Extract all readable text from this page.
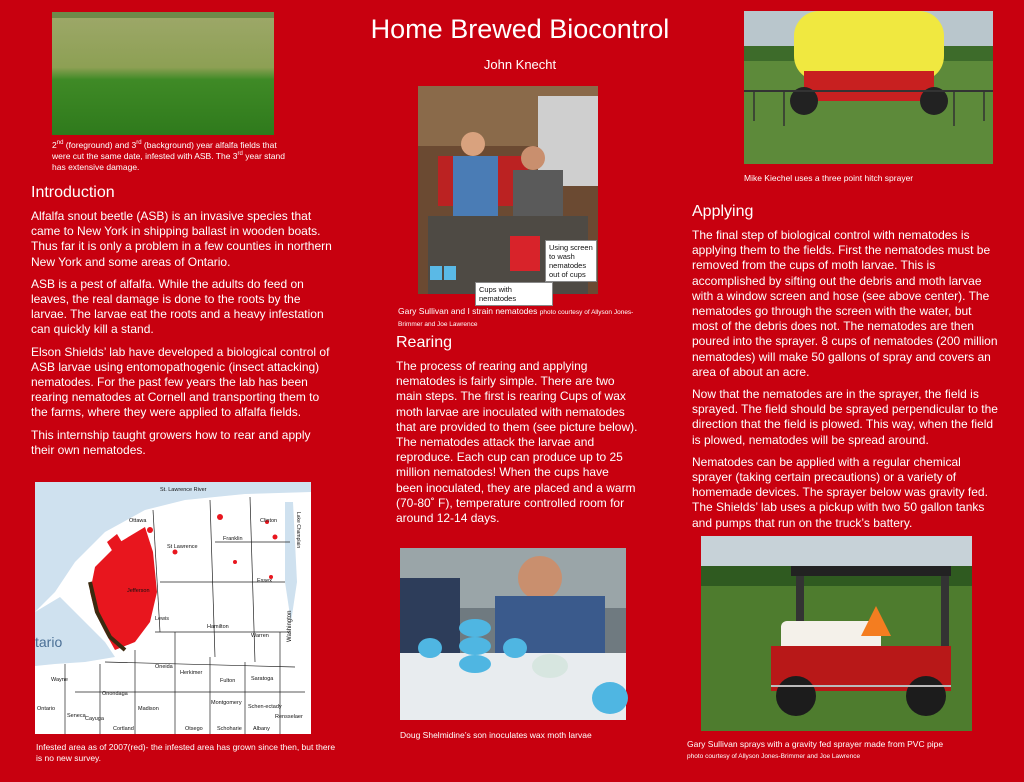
Home Brewed Biocontrol
John Knecht
2nd (foreground) and 3rd (background) year alfalfa fields that were cut the same date, infested with ASB. The 3rd year stand has extensive damage.
Introduction

Alfalfa snout beetle (ASB) is an invasive species that came to New York in shipping ballast in wooden boats. Thus far it is only a problem in a few counties in northern New York and some areas of Ontario.

ASB is a pest of alfalfa. While the adults do feed on leaves, the real damage is done to the roots by the larvae. The larvae eat the roots and a heavy infestation can quickly kill a stand.

Elson Shields’ lab have developed a biological control of ASB larvae using entomopathogenic (insect attacking) nematodes. For the past few years the lab has been rearing nematodes at Cornell and transporting them to the farms, where they were applied to alfalfa fields.

This internship taught growers how to rear and apply their own nematodes.

St. Lawrence River
Ottawa
Franklin
Clinton
St Lawrence
Essex
Jefferson
Lewis
Hamilton
Warren
Oneida
Herkimer
Fulton	Saratoga
Wayne
Onondaga
Madison
Montgomery
Schen-ectady
Rensselaer
Ontario
Seneca Cayuga
Cortland	Otsego	Schoharie Albany
Lake Champlain
Washington
tario
Infested area as of 2007(red)- the infested area has grown since then, but there is no new survey.
Using screen to wash nematodes out of cups
Cups with nematodes
Gary Sullivan and I strain nematodes photo courtesy of Allyson Jones-Brimmer and Joe Lawrence
Rearing

The process of rearing and applying nematodes is fairly simple. There are two main steps. The first is rearing Cups of wax moth larvae are inoculated with nematodes that are provided to them (see picture below). The nematodes attack the larvae and reproduce. Each cup can produce up to 25 million nematodes! When the cups have been inoculated, they are placed and a warm (70-80˚ F), temperature controlled room for around 12-14 days.

Doug Shelmidine’s son inoculates wax moth larvae
Mike Kiechel uses a three point hitch sprayer
Applying

The final step of biological control with nematodes is applying them to the fields. First the nematodes must be removed from the cups of moth larvae. This is accomplished by sifting out the debris and moth larvae with a window screen and hose (see above center). The nematodes go through the screen with the water, but most of the debris does not. The nematodes are then poured into the sprayer. 8 cups of nematodes (200 million nematodes) will make 50 gallons of spray and covers an area of about an acre.

Now that the nematodes are in the sprayer, the field is sprayed. The field should be sprayed perpendicular to the direction that the field is plowed. This way, when the field is plowed, nematodes will be spread around.

Nematodes can be applied with a regular chemical sprayer (taking certain precautions) or a variety of homemade devices. The sprayer below was gravity fed. The Shields’ lab uses a pickup with two 50 gallon tanks and pumps that run on the truck’s battery.

Gary Sullivan sprays with a gravity fed sprayer made from PVC pipe
photo courtesy of Allyson Jones-Brimmer and Joe Lawrence
